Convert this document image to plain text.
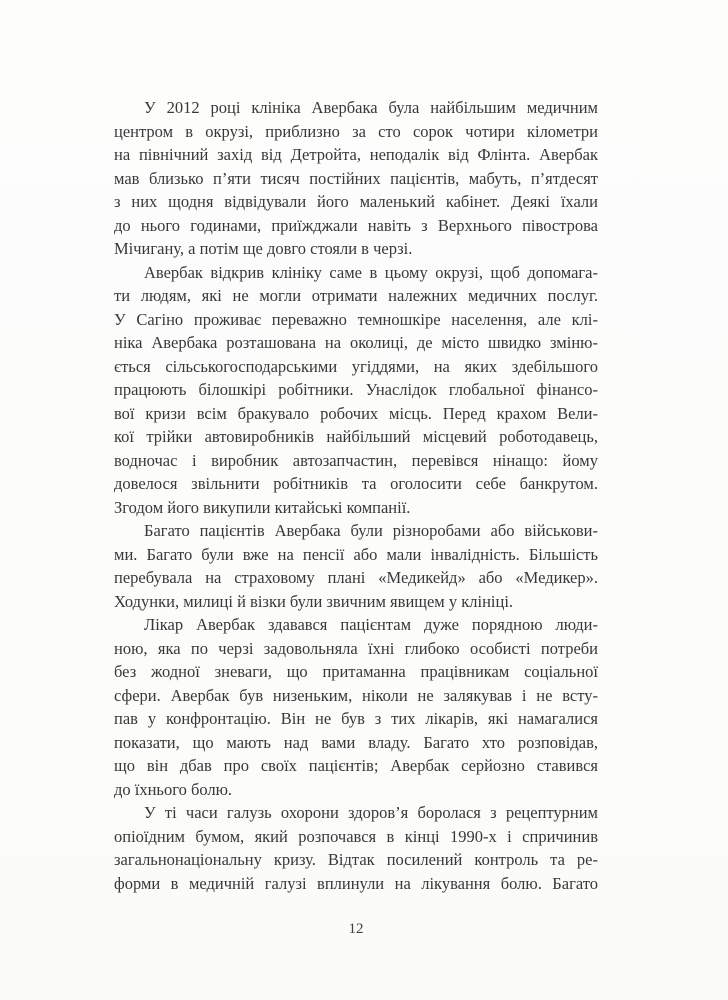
У 2012 році клініка Авербака була найбільшим медичним
центром в окрузі, приблизно за сто сорок чотири кілометри
на північний захід від Детройта, неподалік від Флінта. Авербак
мав близько п’яти тисяч постійних пацієнтів, мабуть, п’ятдесят
з них щодня відвідували його маленький кабінет. Деякі їхали
до нього годинами, приїжджали навіть з Верхнього півострова
Мічигану, а потім ще довго стояли в черзі.

Авербак відкрив клініку саме в цьому окрузі, щоб допомага-
ти людям, які не могли отримати належних медичних послуг.
У Сагіно проживає переважно темношкіре населення, але клі-
ніка Авербака розташована на околиці, де місто швидко зміню-
ється сільськогосподарськими угіддями, на яких здебільшого
працюють білошкірі робітники. Унаслідок глобальної фінансо-
вої кризи всім бракувало робочих місць. Перед крахом Вели-
кої трійки автовиробників найбільший місцевий роботодавець,
водночас і виробник автозапчастин, перевівся нінащо: йому
довелося звільнити робітників та оголосити себе банкрутом.
Згодом його викупили китайські компанії.

Багато пацієнтів Авербака були різноробами або військови-
ми. Багато були вже на пенсії або мали інвалідність. Більшість
перебувала на страховому плані «Медикейд» або «Медикер».
Ходунки, милиці й візки були звичним явищем у клініці.

Лікар Авербак здавався пацієнтам дуже порядною люди-
ною, яка по черзі задовольняла їхні глибоко особисті потреби
без жодної зневаги, що притаманна працівникам соціальної
сфери. Авербак був низеньким, ніколи не залякував і не всту-
пав у конфронтацію. Він не був з тих лікарів, які намагалися
показати, що мають над вами владу. Багато хто розповідав,
що він дбав про своїх пацієнтів; Авербак серйозно ставився
до їхнього болю.

У ті часи галузь охорони здоров’я боролася з рецептурним
опіоїдним бумом, який розпочався в кінці 1990-х і спричинив
загальнонаціональну кризу. Відтак посилений контроль та ре-
форми в медичній галузі вплинули на лікування болю. Багато

12
